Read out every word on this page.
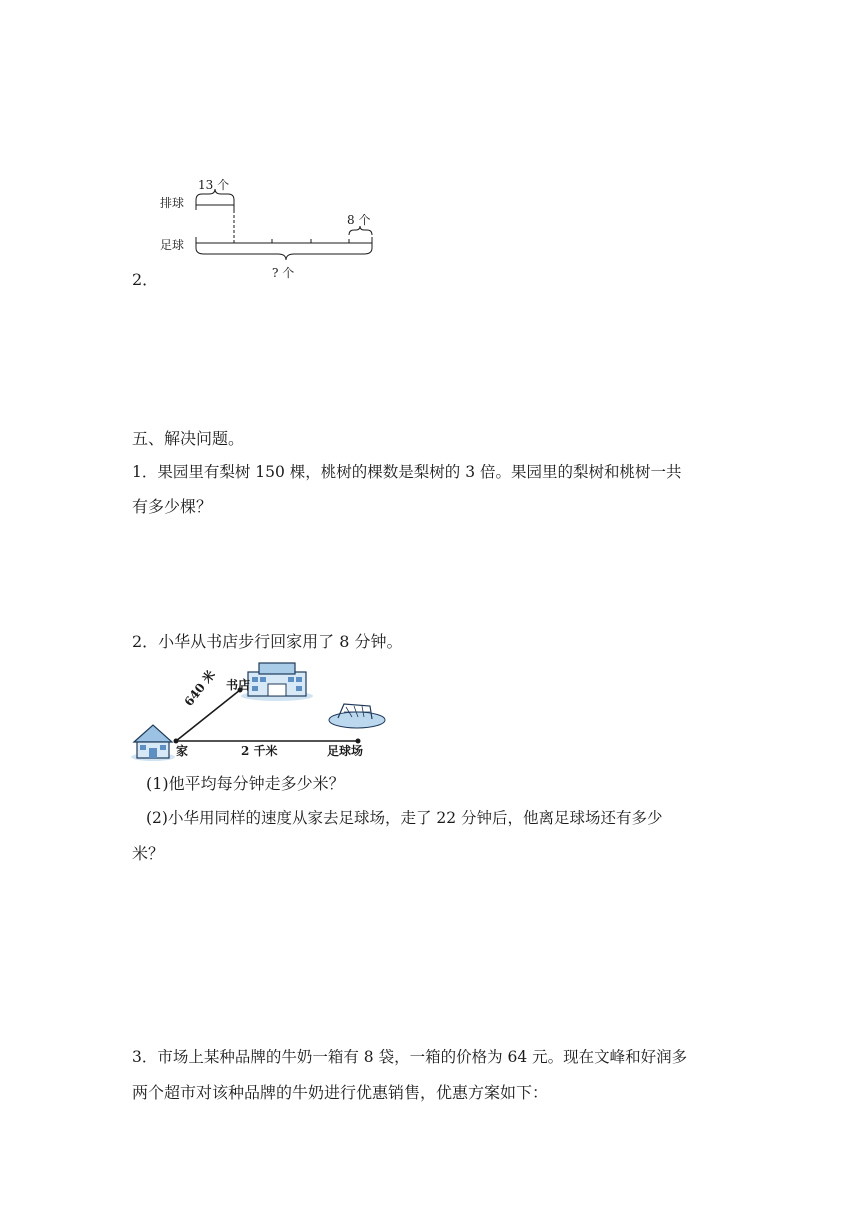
13 个
排球
8 个
足球
? 个
2．
五、解决问题。
1．果园里有梨树 150 棵，桃树的棵数是梨树的 3 倍。果园里的梨树和桃树一共
有多少棵？
2．小华从书店步行回家用了 8 分钟。
书店
家	足球场
640 米
2 千米
(1)他平均每分钟走多少米？
(2)小华用同样的速度从家去足球场，走了 22 分钟后，他离足球场还有多少
米？
3．市场上某种品牌的牛奶一箱有 8 袋，一箱的价格为 64 元。现在文峰和好润多
两个超市对该种品牌的牛奶进行优惠销售，优惠方案如下：
